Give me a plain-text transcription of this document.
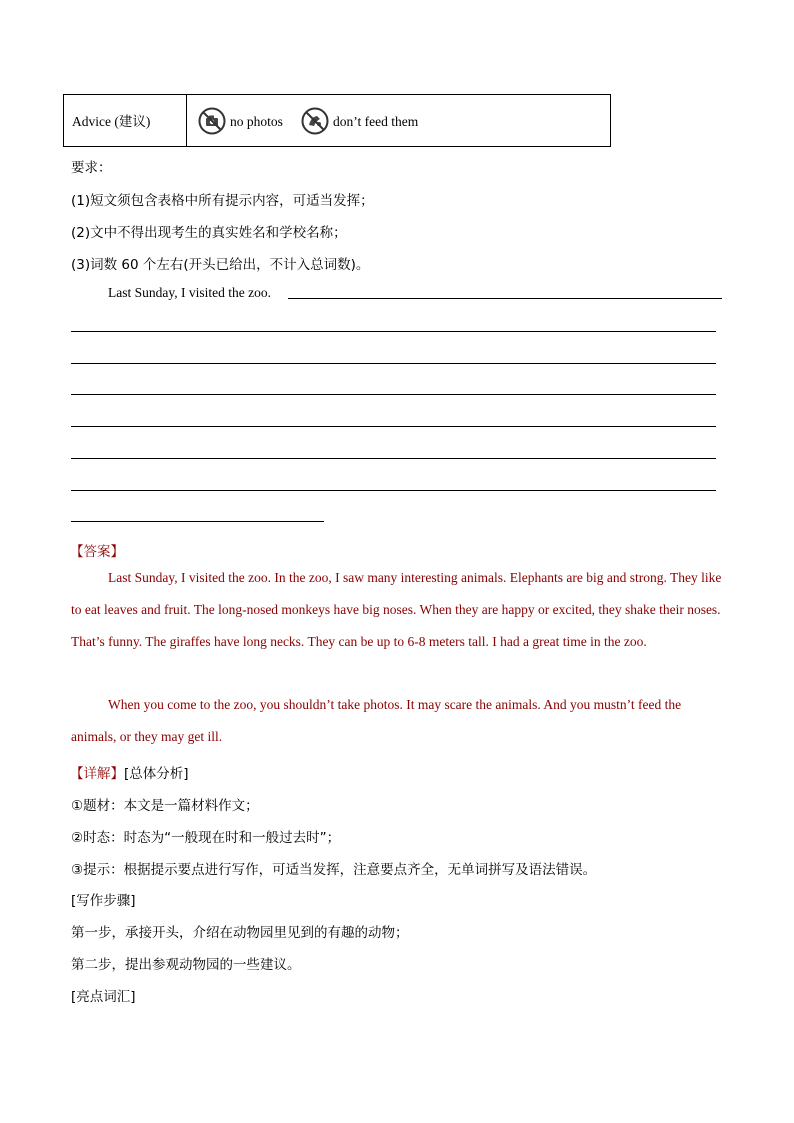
Advice (建议)	no photos	don’t feed them
要求：
(1)短文须包含表格中所有提示内容，可适当发挥；
(2)文中不得出现考生的真实姓名和学校名称；
(3)词数 60 个左右(开头已给出，不计入总词数)。
Last Sunday, I visited the zoo.
【答案】

Last Sunday, I visited the zoo. In the zoo, I saw many interesting animals. Elephants are big and strong. They like to eat leaves and fruit. The long-nosed monkeys have big noses. When they are happy or excited, they shake their noses. That’s funny. The giraffes have long necks. They can be up to 6-8 meters tall. I had a great time in the zoo.

When you come to the zoo, you shouldn’t take photos. It may scare the animals. And you mustn’t feed the animals, or they may get ill.

【详解】[总体分析]
①题材：本文是一篇材料作文；
②时态：时态为“一般现在时和一般过去时”；
③提示：根据提示要点进行写作，可适当发挥，注意要点齐全，无单词拼写及语法错误。
[写作步骤]
第一步，承接开头，介绍在动物园里见到的有趣的动物；
第二步，提出参观动物园的一些建议。
[亮点词汇]
